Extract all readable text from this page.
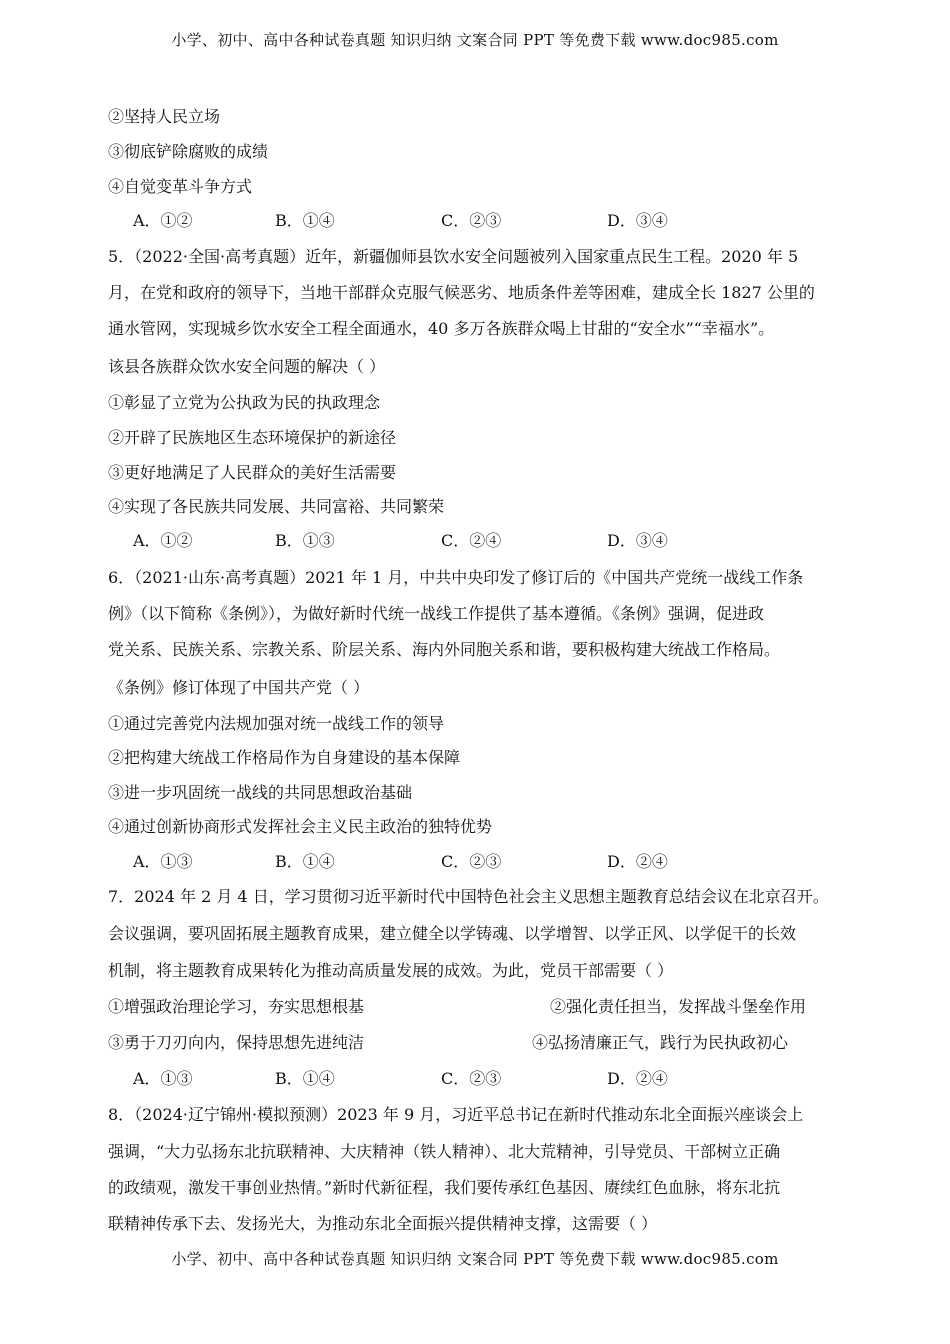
小学、初中、高中各种试卷真题 知识归纳 文案合同 PPT 等免费下载 www.doc985.com
②坚持人民立场
③彻底铲除腐败的成绩
④自觉变革斗争方式
A．①②	B．①④	C．②③	D．③④
5．（2022·全国·高考真题）近年，新疆伽师县饮水安全问题被列入国家重点民生工程。2020 年 5
月，在党和政府的领导下，当地干部群众克服气候恶劣、地质条件差等困难，建成全长 1827 公里的
通水管网，实现城乡饮水安全工程全面通水，40 多万各族群众喝上甘甜的“安全水”“幸福水”。
该县各族群众饮水安全问题的解决（ ）
①彰显了立党为公执政为民的执政理念
②开辟了民族地区生态环境保护的新途径
③更好地满足了人民群众的美好生活需要
④实现了各民族共同发展、共同富裕、共同繁荣
A．①②	B．①③	C．②④	D．③④
6．（2021·山东·高考真题）2021 年 1 月，中共中央印发了修订后的《中国共产党统一战线工作条
例》（以下简称《条例》），为做好新时代统一战线工作提供了基本遵循。《条例》强调，促进政
党关系、民族关系、宗教关系、阶层关系、海内外同胞关系和谐，要积极构建大统战工作格局。
《条例》修订体现了中国共产党（ ）
①通过完善党内法规加强对统一战线工作的领导
②把构建大统战工作格局作为自身建设的基本保障
③进一步巩固统一战线的共同思想政治基础
④通过创新协商形式发挥社会主义民主政治的独特优势
A．①③	B．①④	C．②③	D．②④
7．2024 年 2 月 4 日，学习贯彻习近平新时代中国特色社会主义思想主题教育总结会议在北京召开。
会议强调，要巩固拓展主题教育成果，建立健全以学铸魂、以学增智、以学正风、以学促干的长效
机制，将主题教育成果转化为推动高质量发展的成效。为此，党员干部需要（ ）
①增强政治理论学习，夯实思想根基	②强化责任担当，发挥战斗堡垒作用
③勇于刀刃向内，保持思想先进纯洁	④弘扬清廉正气，践行为民执政初心
A．①③	B．①④	C．②③	D．②④
8．（2024·辽宁锦州·模拟预测）2023 年 9 月，习近平总书记在新时代推动东北全面振兴座谈会上
强调，“大力弘扬东北抗联精神、大庆精神（铁人精神）、北大荒精神，引导党员、干部树立正确
的政绩观，激发干事创业热情。”新时代新征程，我们要传承红色基因、赓续红色血脉，将东北抗
联精神传承下去、发扬光大，为推动东北全面振兴提供精神支撑，这需要（ ）
小学、初中、高中各种试卷真题 知识归纳 文案合同 PPT 等免费下载 www.doc985.com
